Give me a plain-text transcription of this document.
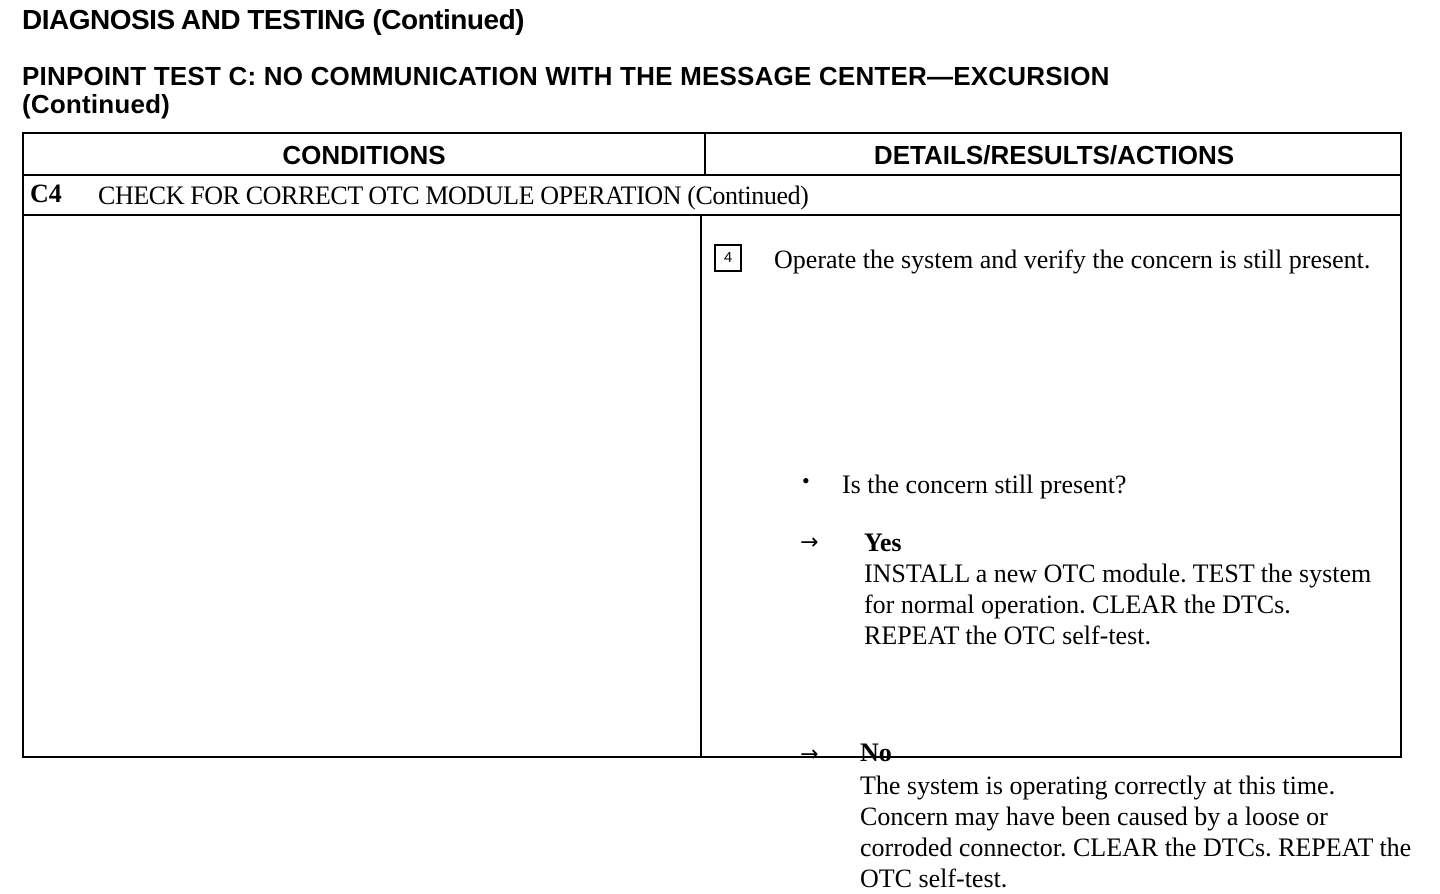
DIAGNOSIS AND TESTING (Continued)
PINPOINT TEST C: NO COMMUNICATION WITH THE MESSAGE CENTER—EXCURSION
(Continued)
CONDITIONS	DETAILS/RESULTS/ACTIONS
C4 CHECK FOR CORRECT OTC MODULE OPERATION (Continued)
4	Operate the system and verify the concern is still present.
• Is the concern still present?
→ Yes
INSTALL a new OTC module. TEST the system for normal operation. CLEAR the DTCs. REPEAT the OTC self-test.
→ No
The system is operating correctly at this time. Concern may have been caused by a loose or corroded connector. CLEAR the DTCs. REPEAT the OTC self-test.
